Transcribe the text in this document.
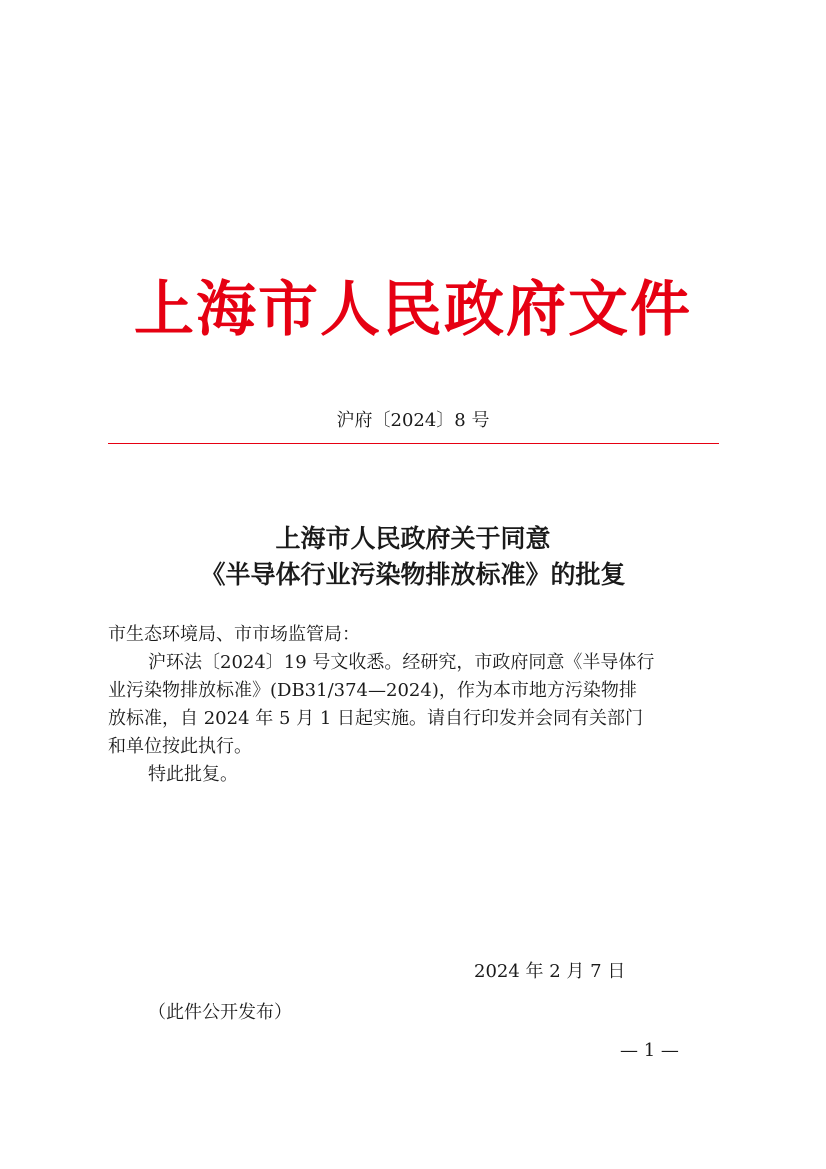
上海市人民政府文件
沪府〔2024〕8 号
上海市人民政府关于同意
《半导体行业污染物排放标准》的批复
市生态环境局、市市场监管局：

沪环法〔2024〕19 号文收悉。经研究，市政府同意《半导体行

业污染物排放标准》(DB31/374—2024)，作为本市地方污染物排

放标准，自 2024 年 5 月 1 日起实施。请自行印发并会同有关部门

和单位按此执行。

特此批复。

2024 年 2 月 7 日
（此件公开发布）
— 1 —
